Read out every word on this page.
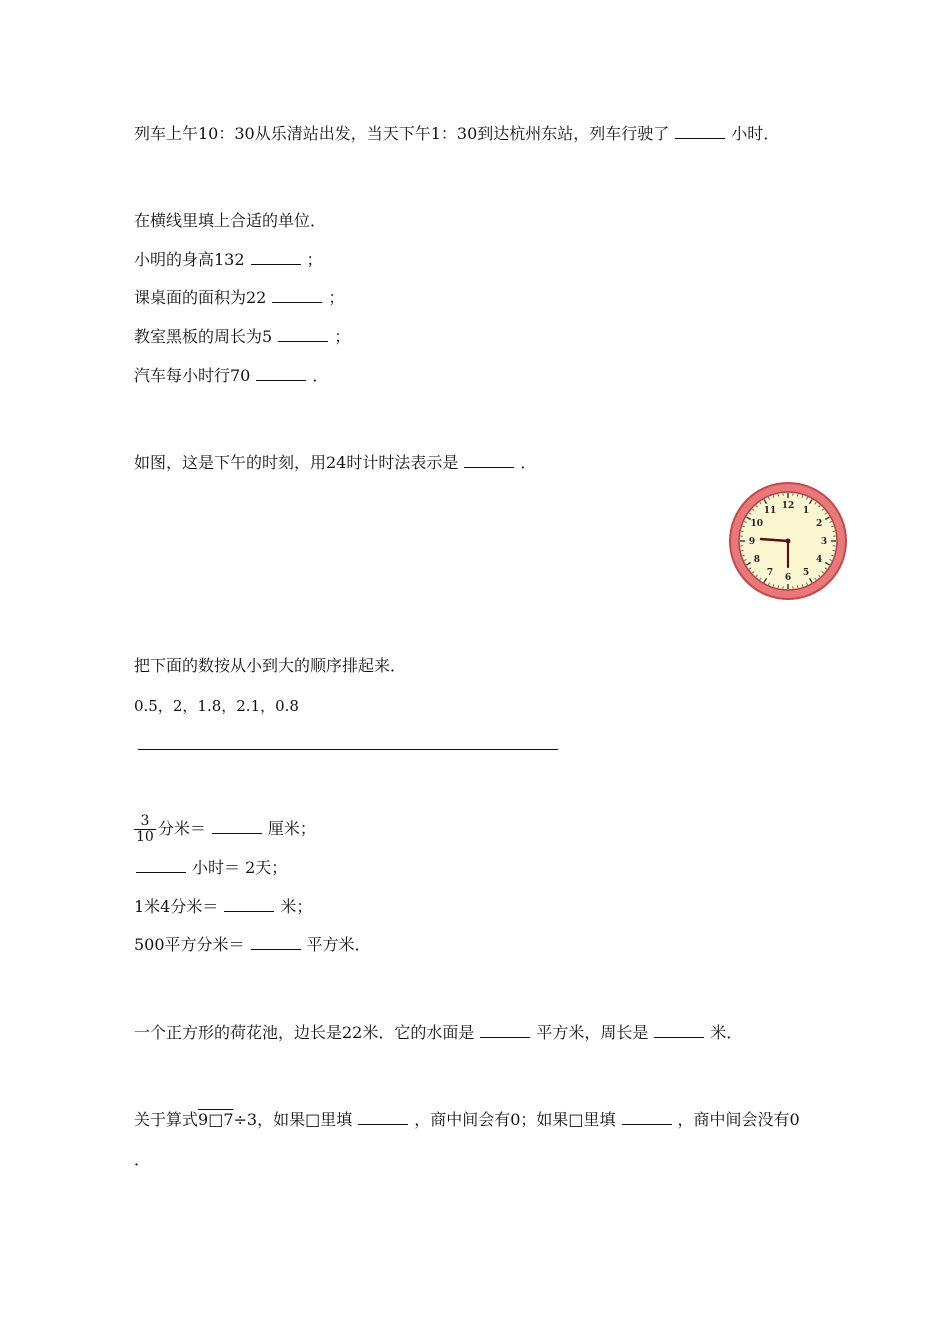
列车上午10：30从乐清站出发，当天下午1：30到达杭州东站，列车行驶了	小时．
在横线里填上合适的单位．
小明的身高132	；
课桌面的面积为22	；
教室黑板的周长为5	；
汽车每小时行70	．
如图，这是下午的时刻，用24时计时法表示是	．
12 1
2
3
4
5
6
7
8
9
10
11
把下面的数按从小到大的顺序排起来．
0.5，2，1.8，2.1，0.8
$\frac{3}{10}$ 分米＝	厘米；
小时＝ 2天；
1米4分米＝	米；
500平方分米＝	平方米．
一个正方形的荷花池，边长是22米．它的水面是	平方米，周长是	米．
关于算式9□7÷3，如果□里填	，商中间会有0；如果□里填	，商中间会没有0
．
